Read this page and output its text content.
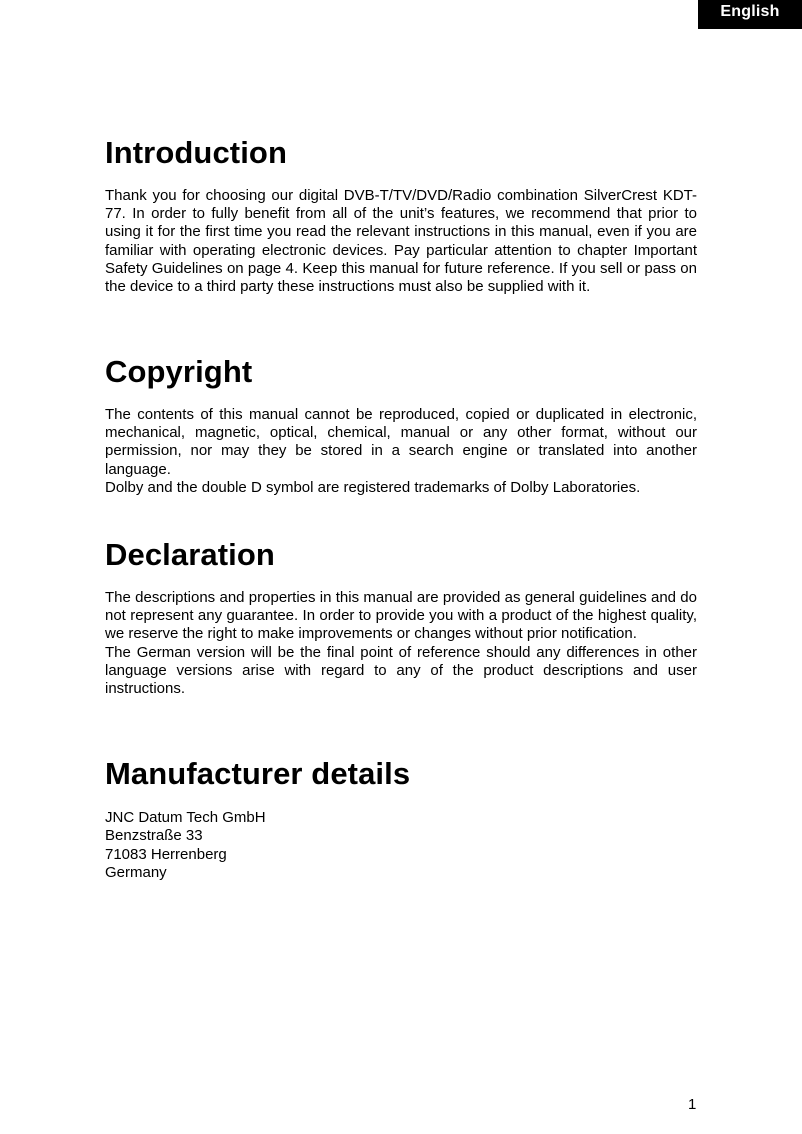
English
Introduction

Thank you for choosing our digital DVB-T/TV/DVD/Radio combination SilverCrest KDT-77. In order to fully benefit from all of the unit’s features, we recommend that prior to using it for the first time you read the relevant instructions in this manual, even if you are familiar with operating electronic devices. Pay particular attention to chapter Important Safety Guidelines on page 4. Keep this manual for future reference. If you sell or pass on the device to a third party these instructions must also be supplied with it.

Copyright

The contents of this manual cannot be reproduced, copied or duplicated in electronic, mechanical, magnetic, optical, chemical, manual or any other format, without our permission, nor may they be stored in a search engine or translated into another language.

Dolby and the double D symbol are registered trademarks of Dolby Laboratories.

Declaration

The descriptions and properties in this manual are provided as general guidelines and do not represent any guarantee. In order to provide you with a product of the highest quality, we reserve the right to make improvements or changes without prior notification.

The German version will be the final point of reference should any differences in other language versions arise with regard to any of the product descriptions and user instructions.

Manufacturer details

JNC Datum Tech GmbH

Benzstraße 33

71083 Herrenberg

Germany

1
